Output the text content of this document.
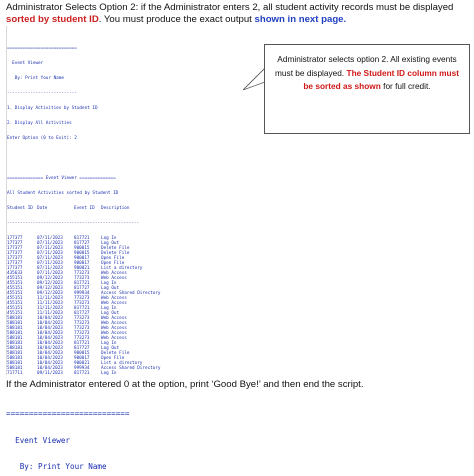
Administrator Selects Option 2: if the Administrator enters 2, all student activity records must be displayed sorted by student ID. You must produce the exact output shown in next page.

===========================

Event Viewer

By: Print Your Name

---------------------------

1. Display Activities by Student ID

2. Display All Activities

Enter Option (0 to Exit): 2

============== Event Viewer ==============

All Student Activities sorted by Student ID

Student ID Date	Event ID Description

---------------------------------------------------

177377	07/11/2023	817721	Log In
177377	07/11/2023	817727	Log Out
177377	07/11/2023	900015	Delete File
177377	07/11/2023	900015	Delete File
177377	07/11/2023	900017	Open File
177377	07/11/2023	900017	Open File
177377	07/11/2023	900021	List a directory
435633	07/11/2023	773273	Web Access
455151	09/12/2023	773273	Web Access
455151	09/12/2023	817721	Log In
455151	09/12/2023	817727	Log Out
455151	09/12/2023	999934	Access Shared Directory
455151	11/11/2023	773273	Web Access
455151	11/11/2023	773273	Web Access
455151	11/11/2023	817721	Log In
455151	11/11/2023	817727	Log Out
588181	10/04/2023	773273	Web Access
588181	10/04/2023	773273	Web Access
588181	10/04/2023	773273	Web Access
588181	10/04/2023	773273	Web Access
588181	10/04/2023	773273	Web Access
588181	10/04/2023	817721	Log In
588181	10/04/2023	817727	Log Out
588181	10/04/2023	900015	Delete File
588181	10/04/2023	900017	Open File
588181	10/04/2023	900021	List a directory
588181	10/04/2023	999934	Access Shared Directory
717711	09/11/2023	817721	Log In

Administrator selects option 2. All existing events must be displayed. The Student ID column must be sorted as shown for full credit.
If the Administrator entered 0 at the option, print ‘Good Bye!’ and then end the script.

===========================

Event Viewer

By: Print Your Name
